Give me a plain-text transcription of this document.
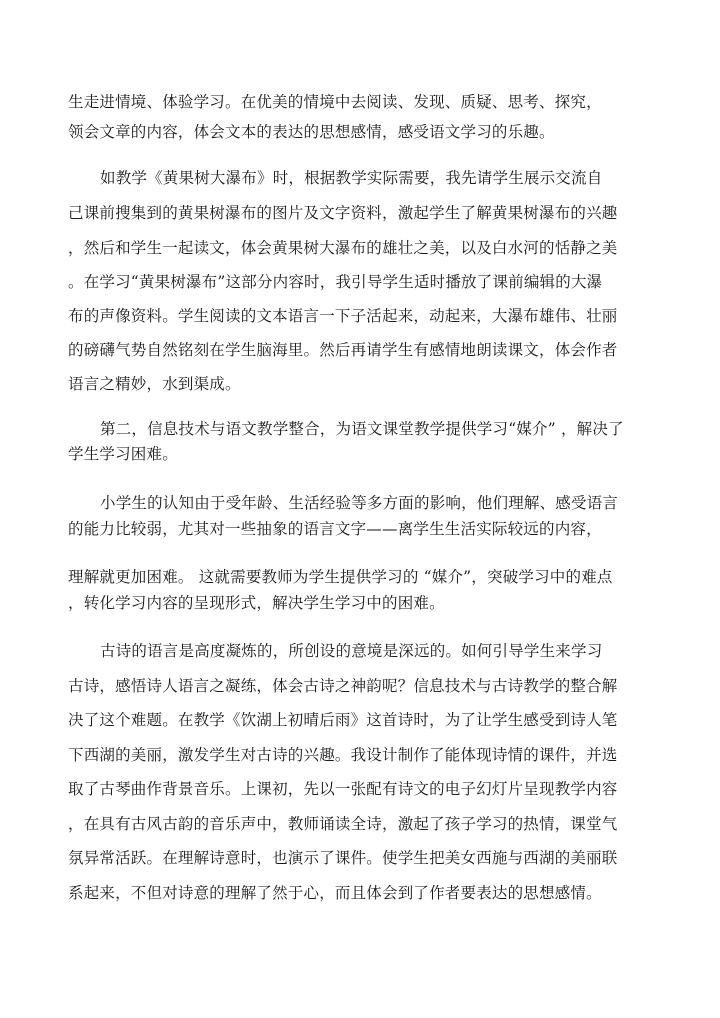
生走进情境、体验学习。在优美的情境中去阅读、发现、质疑、思考、探究，
领会文章的内容，体会文本的表达的思想感情，感受语文学习的乐趣。
如教学《黄果树大瀑布》时，根据教学实际需要，我先请学生展示交流自
己课前搜集到的黄果树瀑布的图片及文字资料，激起学生了解黄果树瀑布的兴趣
，然后和学生一起读文，体会黄果树大瀑布的雄壮之美，以及白水河的恬静之美
。在学习“黄果树瀑布”这部分内容时，我引导学生适时播放了课前编辑的大瀑
布的声像资料。学生阅读的文本语言一下子活起来，动起来，大瀑布雄伟、壮丽
的磅礴气势自然铭刻在学生脑海里。然后再请学生有感情地朗读课文，体会作者
语言之精妙，水到渠成。
第二，信息技术与语文教学整合，为语文课堂教学提供学习“媒介” ，解决了
学生学习困难。
小学生的认知由于受年龄、生活经验等多方面的影响，他们理解、感受语言
的能力比较弱，尤其对一些抽象的语言文字——离学生生活实际较远的内容，
理解就更加困难。 这就需要教师为学生提供学习的 “媒介”，突破学习中的难点
，转化学习内容的呈现形式，解决学生学习中的困难。
古诗的语言是高度凝炼的，所创设的意境是深远的。如何引导学生来学习
古诗，感悟诗人语言之凝练，体会古诗之神韵呢？信息技术与古诗教学的整合解
决了这个难题。在教学《饮湖上初晴后雨》这首诗时，为了让学生感受到诗人笔
下西湖的美丽，激发学生对古诗的兴趣。我设计制作了能体现诗情的课件，并选
取了古琴曲作背景音乐。上课初，先以一张配有诗文的电子幻灯片呈现教学内容
，在具有古风古韵的音乐声中，教师诵读全诗，激起了孩子学习的热情，课堂气
氛异常活跃。在理解诗意时，也演示了课件。使学生把美女西施与西湖的美丽联
系起来，不但对诗意的理解了然于心，而且体会到了作者要表达的思想感情。
